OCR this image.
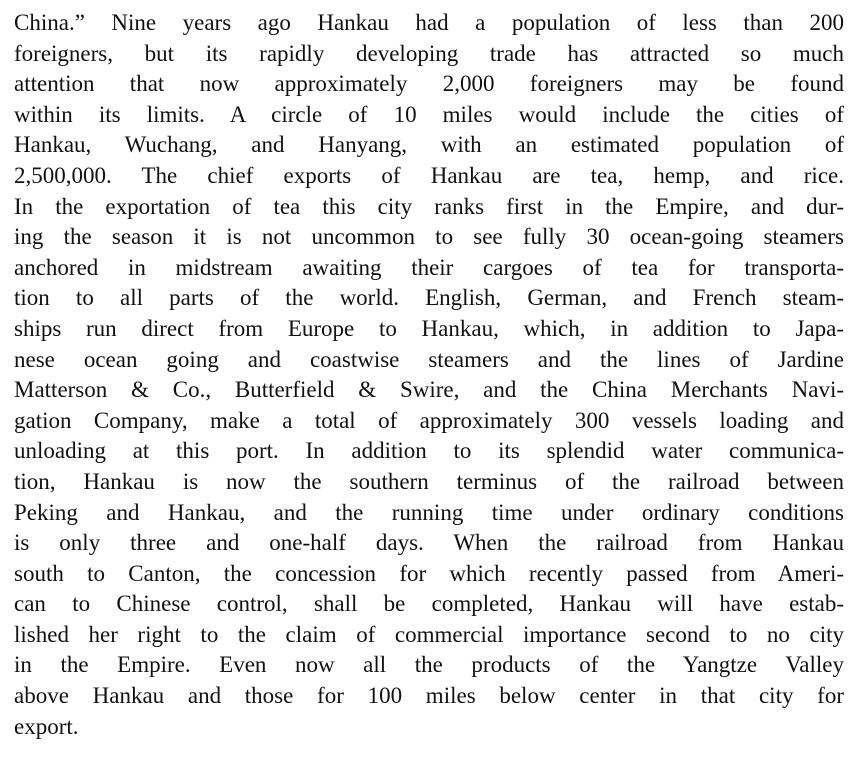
China.” Nine years ago Hankau had a population of less than 200
foreigners, but its rapidly developing trade has attracted so much
attention that now approximately 2,000 foreigners may be found
within its limits. A circle of 10 miles would include the cities of
Hankau, Wuchang, and Hanyang, with an estimated population of
2,500,000. The chief exports of Hankau are tea, hemp, and rice.
In the exportation of tea this city ranks first in the Empire, and dur-
ing the season it is not uncommon to see fully 30 ocean-going steamers
anchored in midstream awaiting their cargoes of tea for transporta-
tion to all parts of the world. English, German, and French steam-
ships run direct from Europe to Hankau, which, in addition to Japa-
nese ocean going and coastwise steamers and the lines of Jardine
Matterson & Co., Butterfield & Swire, and the China Merchants Navi-
gation Company, make a total of approximately 300 vessels loading and
unloading at this port. In addition to its splendid water communica-
tion, Hankau is now the southern terminus of the railroad between
Peking and Hankau, and the running time under ordinary conditions
is only three and one-half days. When the railroad from Hankau
south to Canton, the concession for which recently passed from Ameri-
can to Chinese control, shall be completed, Hankau will have estab-
lished her right to the claim of commercial importance second to no city
in the Empire. Even now all the products of the Yangtze Valley
above Hankau and those for 100 miles below center in that city for
export.
